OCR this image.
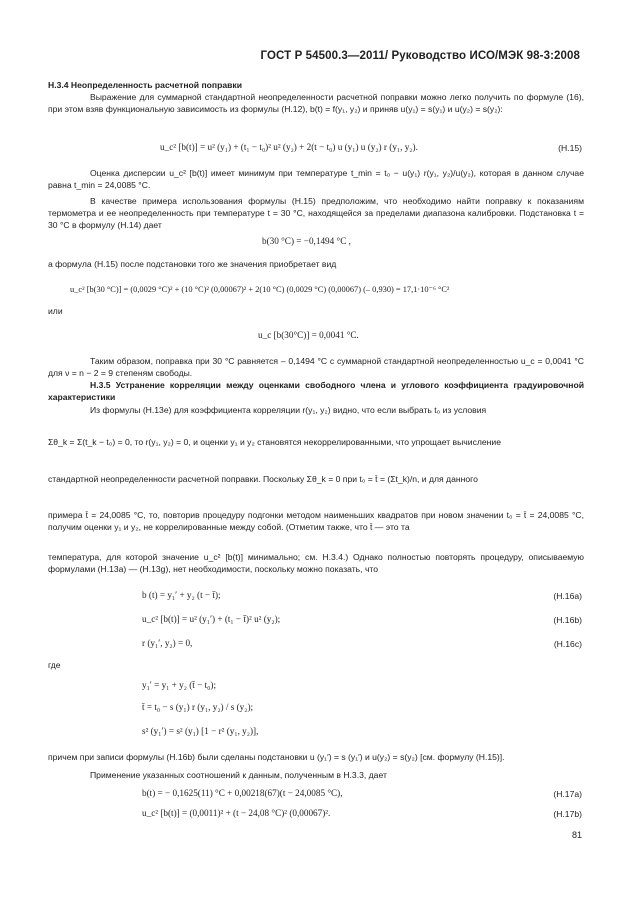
ГОСТ Р 54500.3—2011/ Руководство ИСО/МЭК 98-3:2008
Н.3.4 Неопределенность расчетной поправки
Выражение для суммарной стандартной неопределенности расчетной поправки можно легко получить по формуле (16), при этом взяв функциональную зависимость из формулы (Н.12), b(t) = f(y₁, y₂) и приняв u(y₁) = s(y₁) и u(y₂) = s(y₂):
u_c² [b(t)] = u² (y₁) + (t₁ − t₀)² u² (y₂) + 2(t − t₀) u (y₁) u (y₂) r (y₁, y₂).	(Н.15)
Оценка дисперсии u_c² [b(t)] имеет минимум при температуре t_min = t₀ − u(y₁) r(y₁, y₂)/u(y₂), которая в данном случае равна t_min = 24,0085 °С.
В качестве примера использования формулы (Н.15) предположим, что необходимо найти поправку к показаниям термометра и ее неопределенность при температуре t = 30 °С, находящейся за пределами диапазона калибровки. Подстановка t = 30 °С в формулу (Н.14) дает
b(30 °С) = −0,1494 °С ,
а формула (Н.15) после подстановки того же значения приобретает вид
u_c² [b(30 °С)] = (0,0029 °С)² + (10 °С)² (0,00067)² + 2(10 °С) (0,0029 °С) (0,00067) (– 0,930) = 17,1·10⁻⁶ °С²
или
u_c [b(30°С)] = 0,0041 °С.
Таким образом, поправка при 30 °С равняется – 0,1494 °С с суммарной стандартной неопределенностью u_c = 0,0041 °С для ν = n − 2 = 9 степеням свободы.
Н.3.5 Устранение корреляции между оценками свободного члена и углового коэффициента градуировочной характеристики
Из формулы (Н.13е) для коэффициента корреляции r(y₁, y₂) видно, что если выбрать t₀ из условия
Σθ_k = Σ(t_k − t₀) = 0, то r(y₁, y₂) = 0, и оценки y₁ и y₂ становятся некоррелированными, что упрощает вычисление
стандартной неопределенности расчетной поправки. Поскольку Σθ_k = 0 при t₀ = t̄ = (Σt_k)/n, и для данного
примера t̄ = 24,0085 °С, то, повторив процедуру подгонки методом наименьших квадратов при новом значении t₀ = t̄ = 24,0085 °С, получим оценки y₁ и y₂, не коррелированные между собой. (Отметим также, что t̄ — это та
температура, для которой значение u_c² [b(t)] минимально; см. Н.3.4.) Однако полностью повторять процедуру, описываемую формулами (Н.13а) — (Н.13g), нет необходимости, поскольку можно показать, что
b (t) = y₁′ + y₂ (t − t̄);	(Н.16а)
u_c² [b(t)] = u² (y₁′) + (t₁ − t̄)² u² (y₂);	(Н.16b)
r (y₁′, y₂) = 0,	(Н.16с)
где
y₁′ = y₁ + y₂ (t̄ − t₀);
t̄ = t₀ − s (y₁) r (y₁, y₂) / s (y₂);
s² (y₁′) = s² (y₁) [1 − r² (y₁, y₂)],
причем при записи формулы (Н.16b) были сделаны подстановки u (y₁′) = s (y₁′) и u(y₂) = s(y₂) [см. формулу (Н.15)].
Применение указанных соотношений к данным, полученным в Н.3.3, дает
b(t) = − 0,1625(11) °С + 0,00218(67)(t − 24,0085 °С),	(Н.17а)
u_c² [b(t)] = (0,0011)² + (t − 24,08 °С)² (0,00067)².	(Н.17b)
81
